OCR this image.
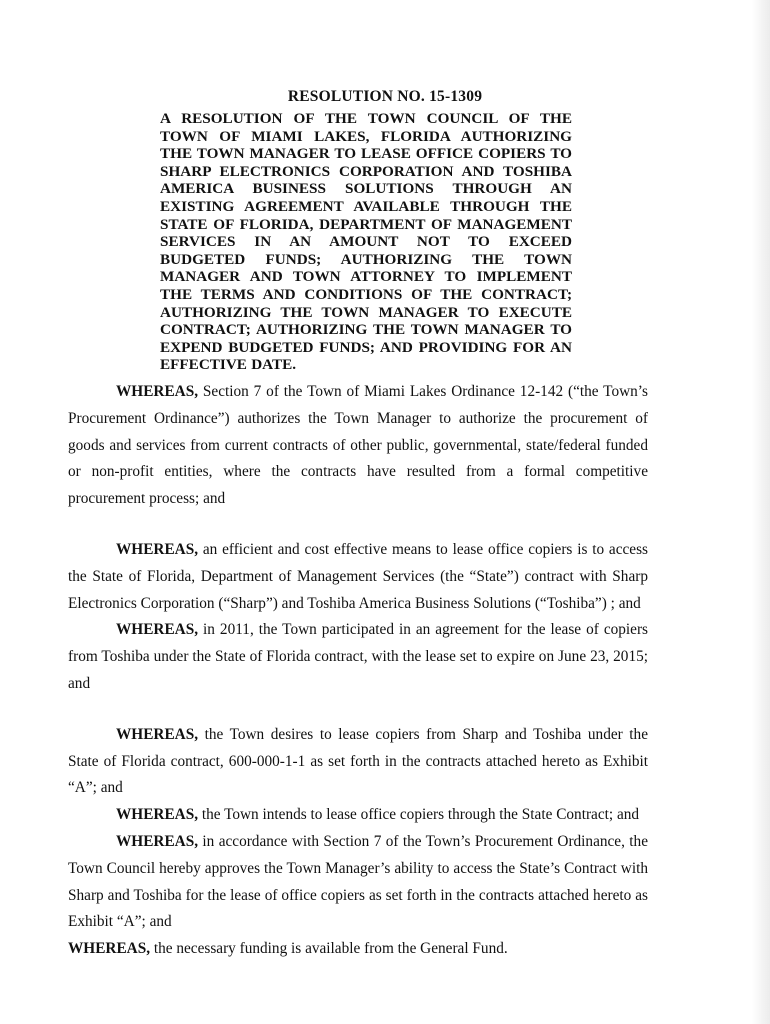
RESOLUTION NO. 15-1309
A RESOLUTION OF THE TOWN COUNCIL OF THE TOWN OF MIAMI LAKES, FLORIDA AUTHORIZING THE TOWN MANAGER TO LEASE OFFICE COPIERS TO SHARP ELECTRONICS CORPORATION AND TOSHIBA AMERICA BUSINESS SOLUTIONS THROUGH AN EXISTING AGREEMENT AVAILABLE THROUGH THE STATE OF FLORIDA, DEPARTMENT OF MANAGEMENT SERVICES IN AN AMOUNT NOT TO EXCEED BUDGETED FUNDS; AUTHORIZING THE TOWN MANAGER AND TOWN ATTORNEY TO IMPLEMENT THE TERMS AND CONDITIONS OF THE CONTRACT; AUTHORIZING THE TOWN MANAGER TO EXECUTE CONTRACT; AUTHORIZING THE TOWN MANAGER TO EXPEND BUDGETED FUNDS; AND PROVIDING FOR AN EFFECTIVE DATE.

WHEREAS, Section 7 of the Town of Miami Lakes Ordinance 12-142 (“the Town’s Procurement Ordinance”) authorizes the Town Manager to authorize the procurement of goods and services from current contracts of other public, governmental, state/federal funded or non-profit entities, where the contracts have resulted from a formal competitive procurement process; and

WHEREAS, an efficient and cost effective means to lease office copiers is to access the State of Florida, Department of Management Services (the “State”) contract with Sharp Electronics Corporation (“Sharp”) and Toshiba America Business Solutions (“Toshiba”) ; and

WHEREAS, in 2011, the Town participated in an agreement for the lease of copiers from Toshiba under the State of Florida contract, with the lease set to expire on June 23, 2015; and

WHEREAS, the Town desires to lease copiers from Sharp and Toshiba under the State of Florida contract, 600-000-1-1 as set forth in the contracts attached hereto as Exhibit “A”; and

WHEREAS, the Town intends to lease office copiers through the State Contract; and

WHEREAS, in accordance with Section 7 of the Town’s Procurement Ordinance, the Town Council hereby approves the Town Manager’s ability to access the State’s Contract with Sharp and Toshiba for the lease of office copiers as set forth in the contracts attached hereto as Exhibit “A”; and

WHEREAS, the necessary funding is available from the General Fund.
